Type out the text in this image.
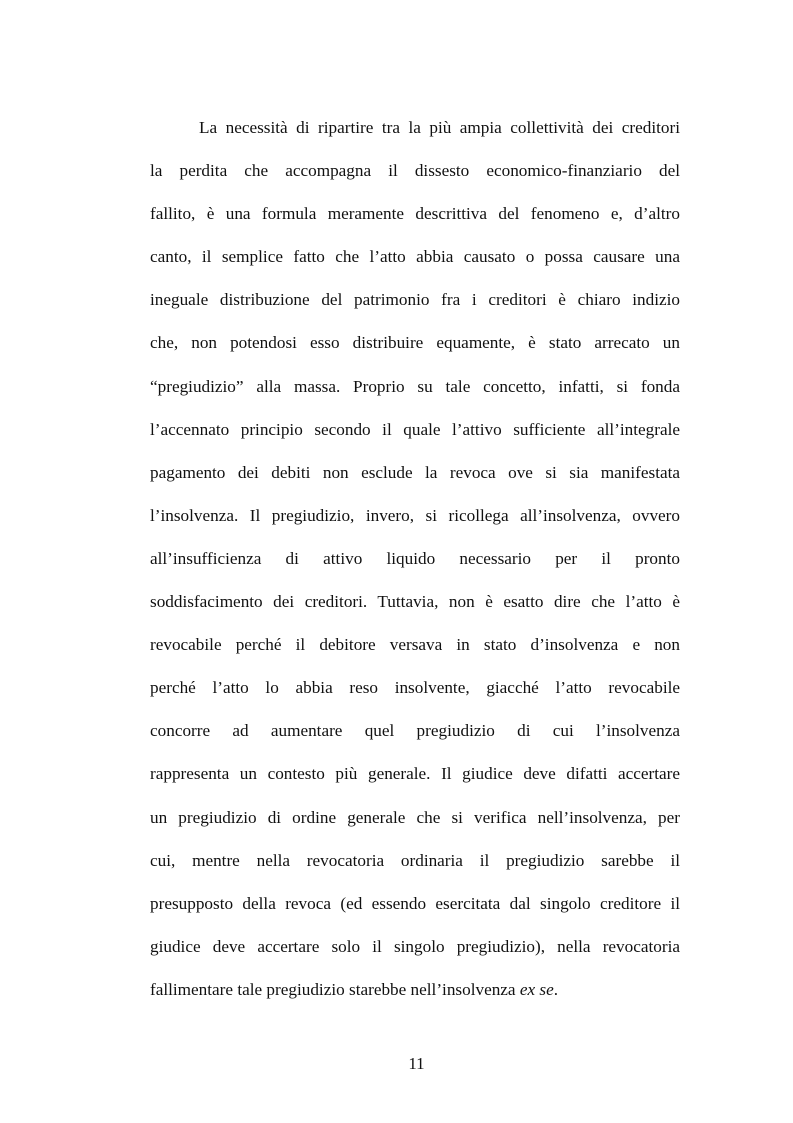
La necessità di ripartire tra la più ampia collettività dei creditori
la perdita che accompagna il dissesto economico-finanziario del
fallito, è una formula meramente descrittiva del fenomeno e, d’altro
canto, il semplice fatto che l’atto abbia causato o possa causare una
ineguale distribuzione del patrimonio fra i creditori è chiaro indizio
che, non potendosi esso distribuire equamente, è stato arrecato un
“pregiudizio” alla massa. Proprio su tale concetto, infatti, si fonda
l’accennato principio secondo il quale l’attivo sufficiente all’integrale
pagamento dei debiti non esclude la revoca ove si sia manifestata
l’insolvenza. Il pregiudizio, invero, si ricollega all’insolvenza, ovvero
all’insufficienza di attivo liquido necessario per il pronto
soddisfacimento dei creditori. Tuttavia, non è esatto dire che l’atto è
revocabile perché il debitore versava in stato d’insolvenza e non
perché l’atto lo abbia reso insolvente, giacché l’atto revocabile
concorre ad aumentare quel pregiudizio di cui l’insolvenza
rappresenta un contesto più generale. Il giudice deve difatti accertare
un pregiudizio di ordine generale che si verifica nell’insolvenza, per
cui, mentre nella revocatoria ordinaria il pregiudizio sarebbe il
presupposto della revoca (ed essendo esercitata dal singolo creditore il
giudice deve accertare solo il singolo pregiudizio), nella revocatoria
fallimentare tale pregiudizio starebbe nell’insolvenza ex se.
11
